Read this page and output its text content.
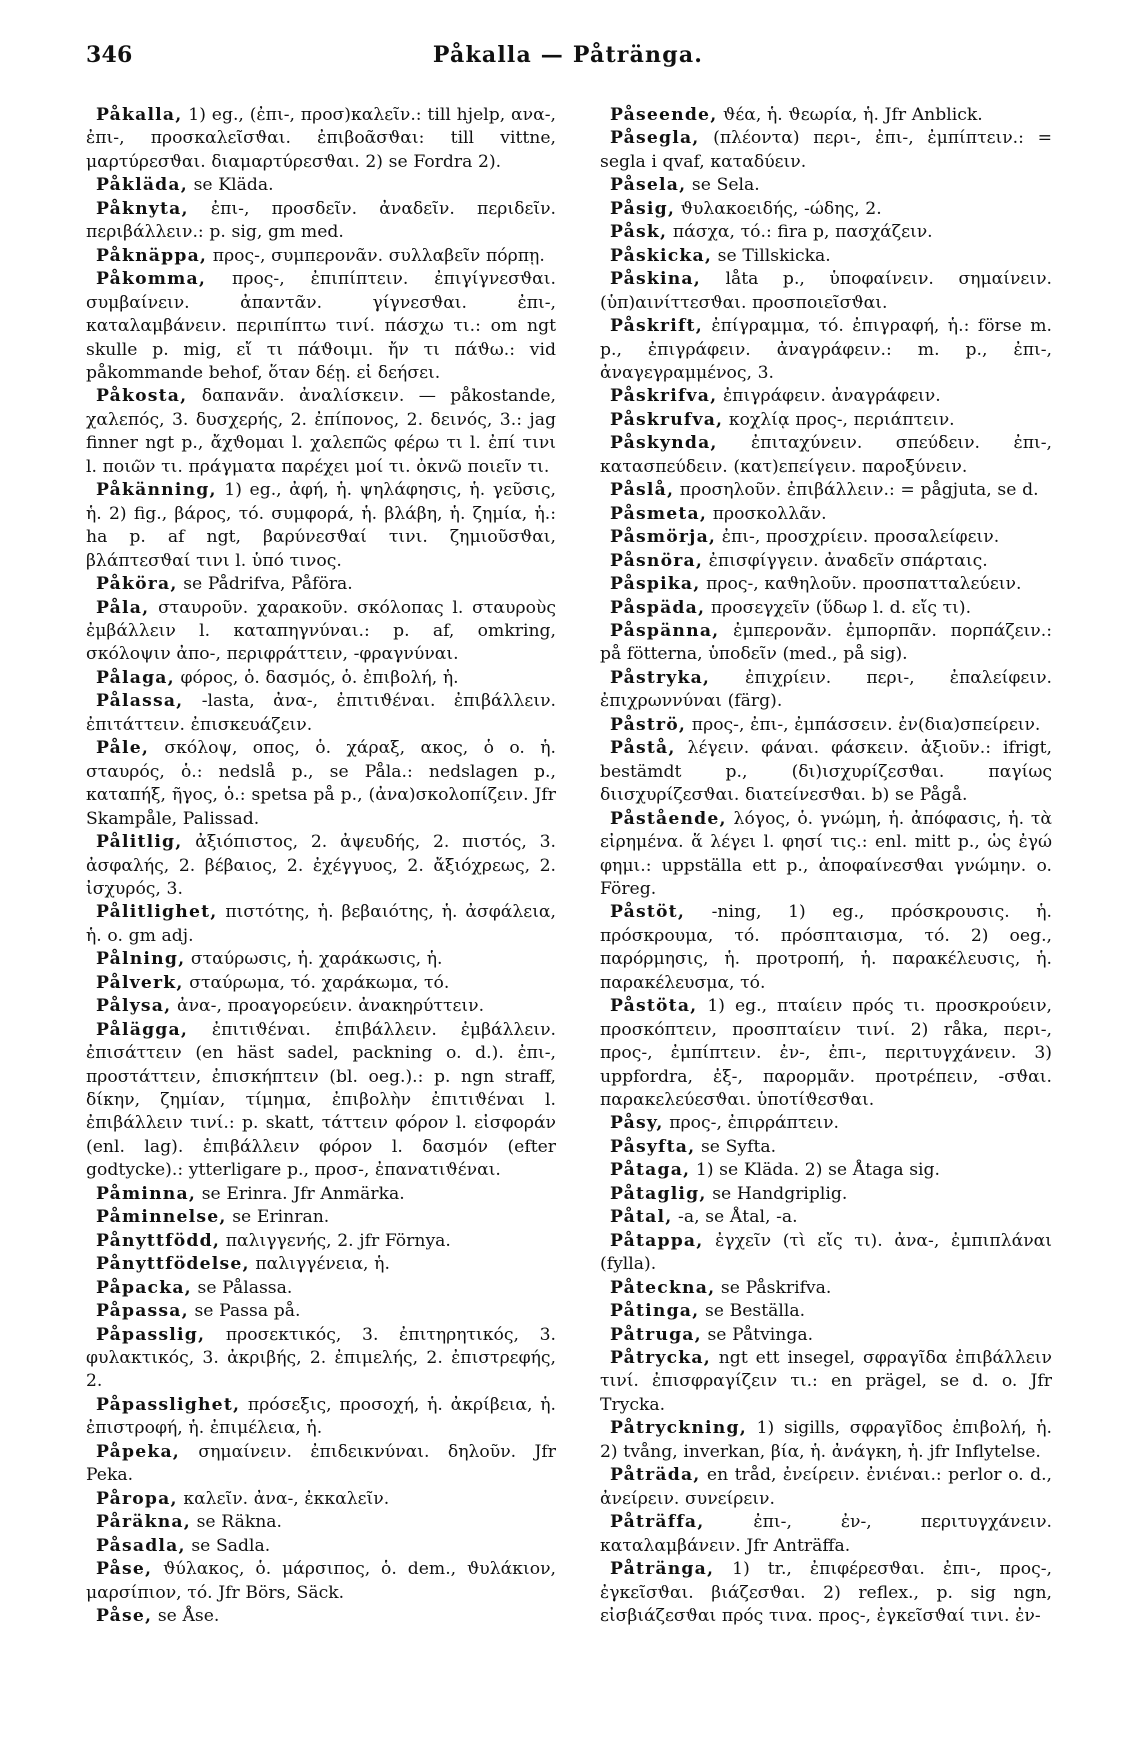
346	Påkalla — Påtränga.

Påkalla, 1) eg., (ἐπι-, προσ)καλεῖν.: till hjelp, ανα-, ἐπι-, προσκαλεῖσϑαι. ἐπιβοᾶσϑαι: till vittne, μαρτύρεσϑαι. διαμαρτύρεσϑαι. 2) se Fordra 2).

Påkläda, se Kläda.

Påknyta, ἐπι-, προσδεῖν. ἀναδεῖν. περιδεῖν. περιβάλλειν.: p. sig, gm med.

Påknäppa, προς-, συμπερονᾶν. συλλαβεῖν πόρπῃ.

Påkomma, προς-, ἐπιπίπτειν. ἐπιγίγνεσϑαι. συμβαίνειν. ἀπαντᾶν. γίγνεσϑαι. ἐπι-, καταλαμβάνειν. περιπίπτω τινί. πάσχω τι.: om ngt skulle p. mig, εἴ τι πάϑοιμι. ἤν τι πάϑω.: vid påkommande behof, ὅταν δέῃ. εἰ δεήσει.

Påkosta, δαπανᾶν. ἀναλίσκειν. — påkostande, χαλεπός, 3. δυσχερής, 2. ἐπίπονος, 2. δεινός, 3.: jag finner ngt p., ἄχϑομαι l. χαλεπῶς φέρω τι l. ἐπί τινι l. ποιῶν τι. πράγματα παρέχει μοί τι. ὀκνῶ ποιεῖν τι.

Påkänning, 1) eg., ἀφή, ἡ. ψηλάφησις, ἡ. γεῦσις, ἡ. 2) fig., βάρος, τό. συμφορά, ἡ. βλάβη, ἡ. ζημία, ἡ.: ha p. af ngt, βαρύνεσϑαί τινι. ζημιοῦσϑαι, βλάπτεσϑαί τινι l. ὑπό τινος.

Påköra, se Pådrifva, Påföra.

Påla, σταυροῦν. χαρακοῦν. σκόλοπας l. σταυροὺς ἐμβάλλειν l. καταπηγνύναι.: p. af, omkring, σκόλοψιν ἀπο-, περιφράττειν, -φραγνύναι.

Pålaga, φόρος, ὁ. δασμός, ὁ. ἐπιβολή, ἡ.

Pålassa, -lasta, ἀνα-, ἐπιτιϑέναι. ἐπιβάλλειν. ἐπιτάττειν. ἐπισκευάζειν.

Påle, σκόλοψ, οπος, ὁ. χάραξ, ακος, ὁ o. ἡ. σταυρός, ὁ.: nedslå p., se Påla.: nedslagen p., καταπήξ, ῆγος, ὁ.: spetsa på p., (ἀνα)σκολοπίζειν. Jfr Skampåle, Palissad.

Pålitlig, ἀξιόπιστος, 2. ἀψευδής, 2. πιστός, 3. ἀσφαλής, 2. βέβαιος, 2. ἐχέγγυος, 2. ἄξιόχρεως, 2. ἰσχυρός, 3.

Pålitlighet, πιστότης, ἡ. βεβαιότης, ἡ. ἀσφάλεια, ἡ. o. gm adj.

Pålning, σταύρωσις, ἡ. χαράκωσις, ἡ.

Pålverk, σταύρωμα, τό. χαράκωμα, τό.

Pålysa, ἀνα-, προαγορεύειν. ἀνακηρύττειν.

Pålägga, ἐπιτιϑέναι. ἐπιβάλλειν. ἐμβάλλειν. ἐπισάττειν (en häst sadel, packning o. d.). ἐπι-, προστάττειν, ἐπισκήπτειν (bl. oeg.).: p. ngn straff, δίκην, ζημίαν, τίμημα, ἐπιβολὴν ἐπιτιϑέναι l. ἐπιβάλλειν τινί.: p. skatt, τάττειν φόρον l. εἰσφοράν (enl. lag). ἐπιβάλλειν φόρον l. δασμόν (efter godtycke).: ytterligare p., προσ-, ἐπανατιϑέναι.

Påminna, se Erinra. Jfr Anmärka.

Påminnelse, se Erinran.

Pånyttfödd, παλιγγενής, 2. jfr Förnya.

Pånyttfödelse, παλιγγένεια, ἡ.

Påpacka, se Pålassa.

Påpassa, se Passa på.

Påpasslig, προσεκτικός, 3. ἐπιτηρητικός, 3. φυλακτικός, 3. ἀκριβής, 2. ἐπιμελής, 2. ἐπιστρεφής, 2.

Påpasslighet, πρόσεξις, προσοχή, ἡ. ἀκρίβεια, ἡ. ἐπιστροφή, ἡ. ἐπιμέλεια, ἡ.

Påpeka, σημαίνειν. ἐπιδεικνύναι. δηλοῦν. Jfr Peka.

Påropa, καλεῖν. ἀνα-, ἐκκαλεῖν.

Påräkna, se Räkna.

Påsadla, se Sadla.

Påse, ϑύλακος, ὁ. μάρσιπος, ὁ. dem., ϑυλάκιον, μαρσίπιον, τό. Jfr Börs, Säck.

Påse, se Åse.

Påseende, ϑέα, ἡ. ϑεωρία, ἡ. Jfr Anblick.

Påsegla, (πλέοντα) περι-, ἐπι-, ἐμπίπτειν.: = segla i qvaf, καταδύειν.

Påsela, se Sela.

Påsig, ϑυλακοειδής, -ώδης, 2.

Påsk, πάσχα, τό.: fira p, πασχάζειν.

Påskicka, se Tillskicka.

Påskina, låta p., ὑποφαίνειν. σημαίνειν. (ὑπ)αινίττεσϑαι. προσποιεῖσϑαι.

Påskrift, ἐπίγραμμα, τό. ἐπιγραφή, ἡ.: förse m. p., ἐπιγράφειν. ἀναγράφειν.: m. p., ἐπι-, ἀναγεγραμμένος, 3.

Påskrifva, ἐπιγράφειν. ἀναγράφειν.

Påskrufva, κοχλίᾳ προς-, περιάπτειν.

Påskynda, ἐπιταχύνειν. σπεύδειν. ἐπι-, κατασπεύδειν. (κατ)επείγειν. παροξύνειν.

Påslå, προσηλοῦν. ἐπιβάλλειν.: = pågjuta, se d.

Påsmeta, προσκολλᾶν.

Påsmörja, ἐπι-, προσχρίειν. προσαλείφειν.

Påsnöra, ἐπισφίγγειν. ἀναδεῖν σπάρταις.

Påspika, προς-, καϑηλοῦν. προσπατταλεύειν.

Påspäda, προσεγχεῖν (ὕδωρ l. d. εἴς τι).

Påspänna, ἐμπερονᾶν. ἐμπορπᾶν. πορπάζειν.: på fötterna, ὑποδεῖν (med., på sig).

Påstryka, ἐπιχρίειν. περι-, ἐπαλείφειν. ἐπιχρωννύναι (färg).

Påströ, προς-, ἐπι-, ἐμπάσσειν. ἐν(δια)σπείρειν.

Påstå, λέγειν. φάναι. φάσκειν. ἀξιοῦν.: ifrigt, bestämdt p., (δι)ισχυρίζεσϑαι. παγίως διισχυρίζεσϑαι. διατείνεσϑαι. b) se Pågå.

Påstående, λόγος, ὁ. γνώμη, ἡ. ἀπόφασις, ἡ. τὰ εἰρημένα. ἅ λέγει l. φησί τις.: enl. mitt p., ὡς ἐγώ φημι.: uppställa ett p., ἀποφαίνεσϑαι γνώμην. o. Föreg.

Påstöt, -ning, 1) eg., πρόσκρουσις. ἡ. πρόσκρουμα, τό. πρόσπταισμα, τό. 2) oeg., παρόρμησις, ἡ. προτροπή, ἡ. παρακέλευσις, ἡ. παρακέλευσμα, τό.

Påstöta, 1) eg., πταίειν πρός τι. προσκρούειν, προσκόπτειν, προσπταίειν τινί. 2) råka, περι-, προς-, ἐμπίπτειν. ἐν-, ἐπι-, περιτυγχάνειν. 3) uppfordra, ἐξ-, παρορμᾶν. προτρέπειν, -σϑαι. παρακελεύεσϑαι. ὑποτίϑεσϑαι.

Påsy, προς-, ἐπιρράπτειν.

Påsyfta, se Syfta.

Påtaga, 1) se Kläda. 2) se Åtaga sig.

Påtaglig, se Handgriplig.

Påtal, -a, se Åtal, -a.

Påtappa, ἐγχεῖν (τὶ εἴς τι). ἀνα-, ἐμπιπλάναι (fylla).

Påteckna, se Påskrifva.

Påtinga, se Beställa.

Påtruga, se Påtvinga.

Påtrycka, ngt ett insegel, σφραγῖδα ἐπιβάλλειν τινί. ἐπισφραγίζειν τι.: en prägel, se d. o. Jfr Trycka.

Påtryckning, 1) sigills, σφραγῖδος ἐπιβολή, ἡ. 2) tvång, inverkan, βία, ἡ. ἀνάγκη, ἡ. jfr Inflytelse.

Påträda, en tråd, ἐνείρειν. ἐνιέναι.: perlor o. d., ἀνείρειν. συνείρειν.

Påträffa, ἐπι-, ἐν-, περιτυγχάνειν. καταλαμβάνειν. Jfr Anträffa.

Påtränga, 1) tr., ἐπιφέρεσϑαι. ἐπι-, προς-, ἐγκεῖσϑαι. βιάζεσϑαι. 2) reflex., p. sig ngn, εἰσβιάζεσϑαι πρός τινα. προς-, ἐγκεῖσϑαί τινι. ἐν-
